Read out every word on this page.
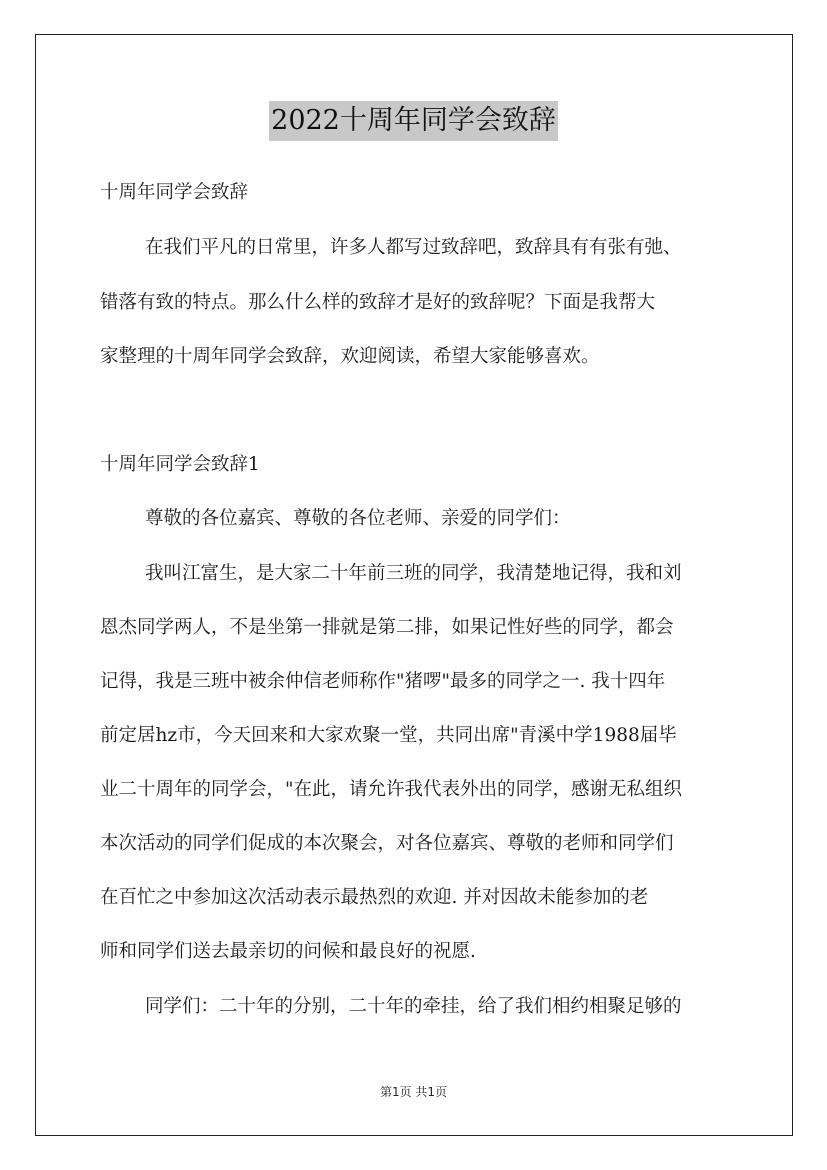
2022十周年同学会致辞
十周年同学会致辞
在我们平凡的日常里，许多人都写过致辞吧，致辞具有有张有弛、
错落有致的特点。那么什么样的致辞才是好的致辞呢？下面是我帮大
家整理的十周年同学会致辞，欢迎阅读，希望大家能够喜欢。
十周年同学会致辞1
尊敬的各位嘉宾、尊敬的各位老师、亲爱的同学们：
我叫江富生，是大家二十年前三班的同学，我清楚地记得，我和刘
恩杰同学两人，不是坐第一排就是第二排，如果记性好些的同学，都会
记得，我是三班中被余仲信老师称作"猪啰"最多的同学之一. 我十四年
前定居hz市，今天回来和大家欢聚一堂，共同出席"青溪中学1988届毕
业二十周年的同学会，"在此，请允许我代表外出的同学，感谢无私组织
本次活动的同学们促成的本次聚会，对各位嘉宾、尊敬的老师和同学们
在百忙之中参加这次活动表示最热烈的欢迎. 并对因故未能参加的老
师和同学们送去最亲切的问候和最良好的祝愿.
同学们：二十年的分别，二十年的牵挂，给了我们相约相聚足够的
第1页 共1页
